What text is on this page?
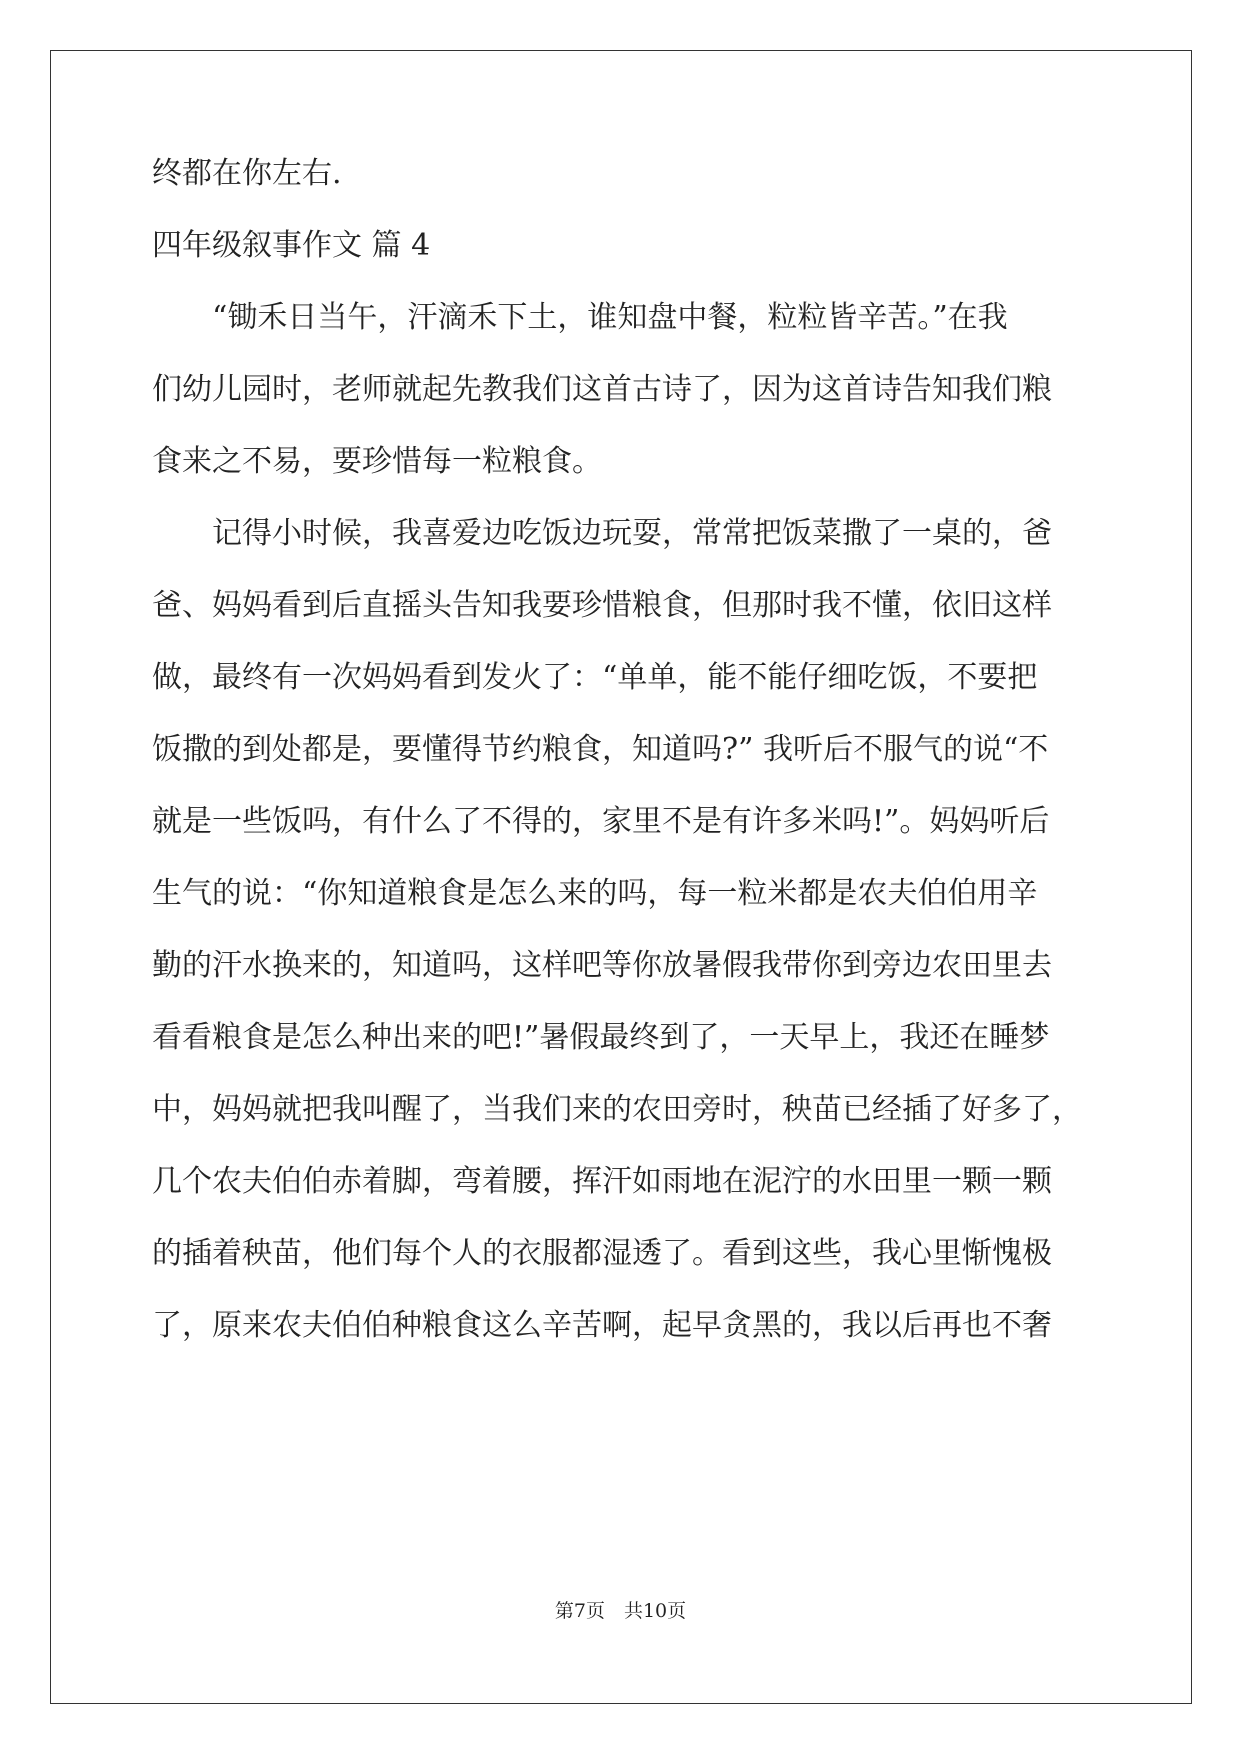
终都在你左右.
四年级叙事作文 篇 4
　　“锄禾日当午，汗滴禾下土，谁知盘中餐，粒粒皆辛苦。”在我
们幼儿园时，老师就起先教我们这首古诗了，因为这首诗告知我们粮
食来之不易，要珍惜每一粒粮食。
　　记得小时候，我喜爱边吃饭边玩耍，常常把饭菜撒了一桌的，爸
爸、妈妈看到后直摇头告知我要珍惜粮食，但那时我不懂，依旧这样
做，最终有一次妈妈看到发火了：“单单，能不能仔细吃饭，不要把
饭撒的到处都是，要懂得节约粮食，知道吗?” 我听后不服气的说“不
就是一些饭吗，有什么了不得的，家里不是有许多米吗!”。妈妈听后
生气的说：“你知道粮食是怎么来的吗，每一粒米都是农夫伯伯用辛
勤的汗水换来的，知道吗，这样吧等你放暑假我带你到旁边农田里去
看看粮食是怎么种出来的吧!”暑假最终到了，一天早上，我还在睡梦
中，妈妈就把我叫醒了，当我们来的农田旁时，秧苗已经插了好多了，
几个农夫伯伯赤着脚，弯着腰，挥汗如雨地在泥泞的水田里一颗一颗
的插着秧苗，他们每个人的衣服都湿透了。看到这些，我心里惭愧极
了，原来农夫伯伯种粮食这么辛苦啊，起早贪黑的，我以后再也不奢
第7页　共10页
